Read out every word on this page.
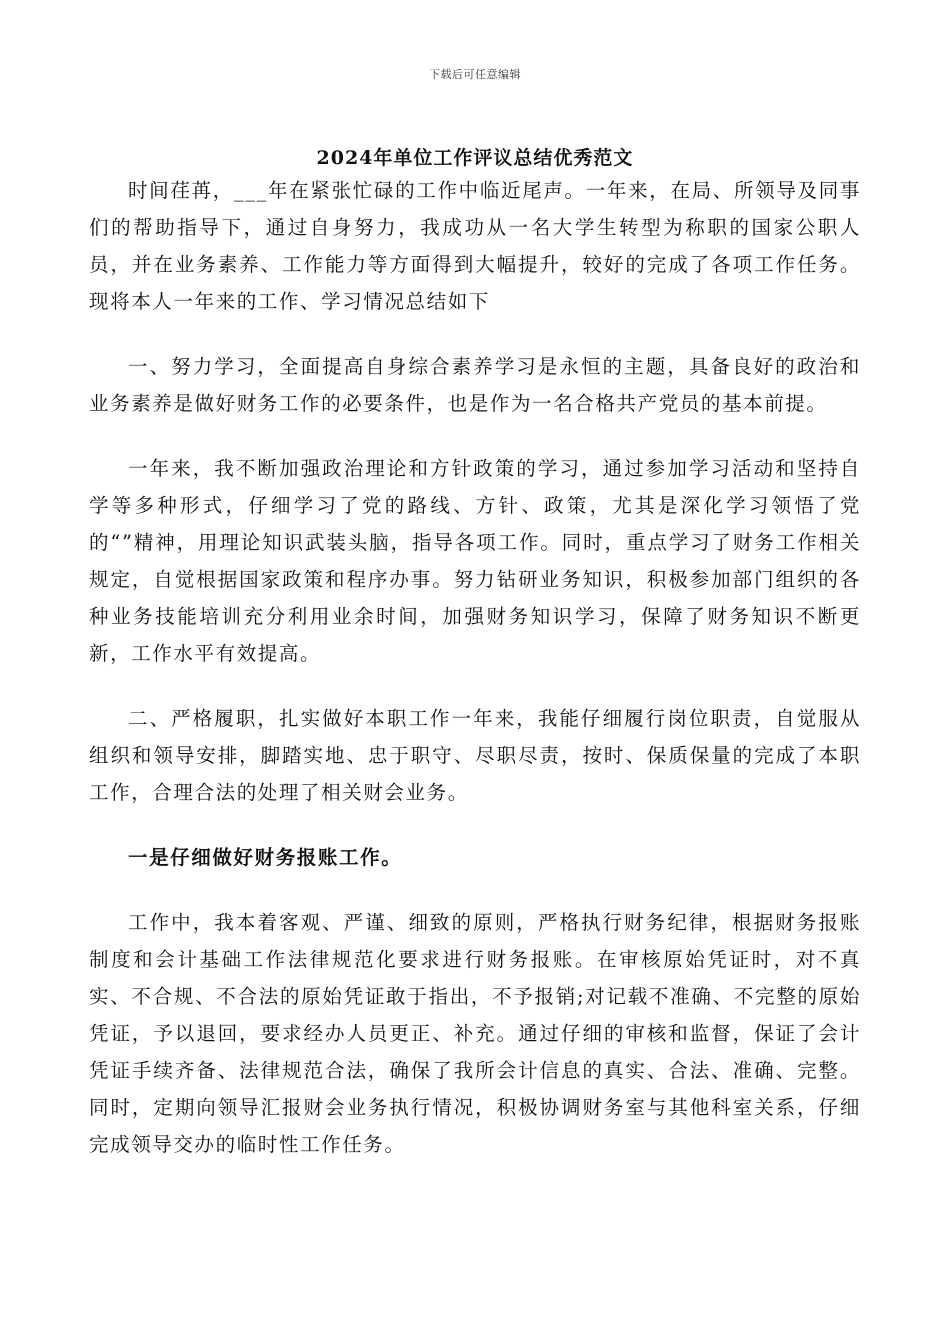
下载后可任意编辑
2024年单位工作评议总结优秀范文

时间荏苒，___年在紧张忙碌的工作中临近尾声。一年来，在局、所领导及同事们的帮助指导下，通过自身努力，我成功从一名大学生转型为称职的国家公职人员，并在业务素养、工作能力等方面得到大幅提升，较好的完成了各项工作任务。现将本人一年来的工作、学习情况总结如下

一、努力学习，全面提高自身综合素养学习是永恒的主题，具备良好的政治和业务素养是做好财务工作的必要条件，也是作为一名合格共产党员的基本前提。

一年来，我不断加强政治理论和方针政策的学习，通过参加学习活动和坚持自学等多种形式，仔细学习了党的路线、方针、政策，尤其是深化学习领悟了党的“”精神，用理论知识武装头脑，指导各项工作。同时，重点学习了财务工作相关规定，自觉根据国家政策和程序办事。努力钻研业务知识，积极参加部门组织的各种业务技能培训充分利用业余时间，加强财务知识学习，保障了财务知识不断更新，工作水平有效提高。

二、严格履职，扎实做好本职工作一年来，我能仔细履行岗位职责，自觉服从组织和领导安排，脚踏实地、忠于职守、尽职尽责，按时、保质保量的完成了本职工作，合理合法的处理了相关财会业务。

一是仔细做好财务报账工作。

工作中，我本着客观、严谨、细致的原则，严格执行财务纪律，根据财务报账制度和会计基础工作法律规范化要求进行财务报账。在审核原始凭证时，对不真实、不合规、不合法的原始凭证敢于指出，不予报销;对记载不准确、不完整的原始凭证，予以退回，要求经办人员更正、补充。通过仔细的审核和监督，保证了会计凭证手续齐备、法律规范合法，确保了我所会计信息的真实、合法、准确、完整。同时，定期向领导汇报财会业务执行情况，积极协调财务室与其他科室关系，仔细完成领导交办的临时性工作任务。
